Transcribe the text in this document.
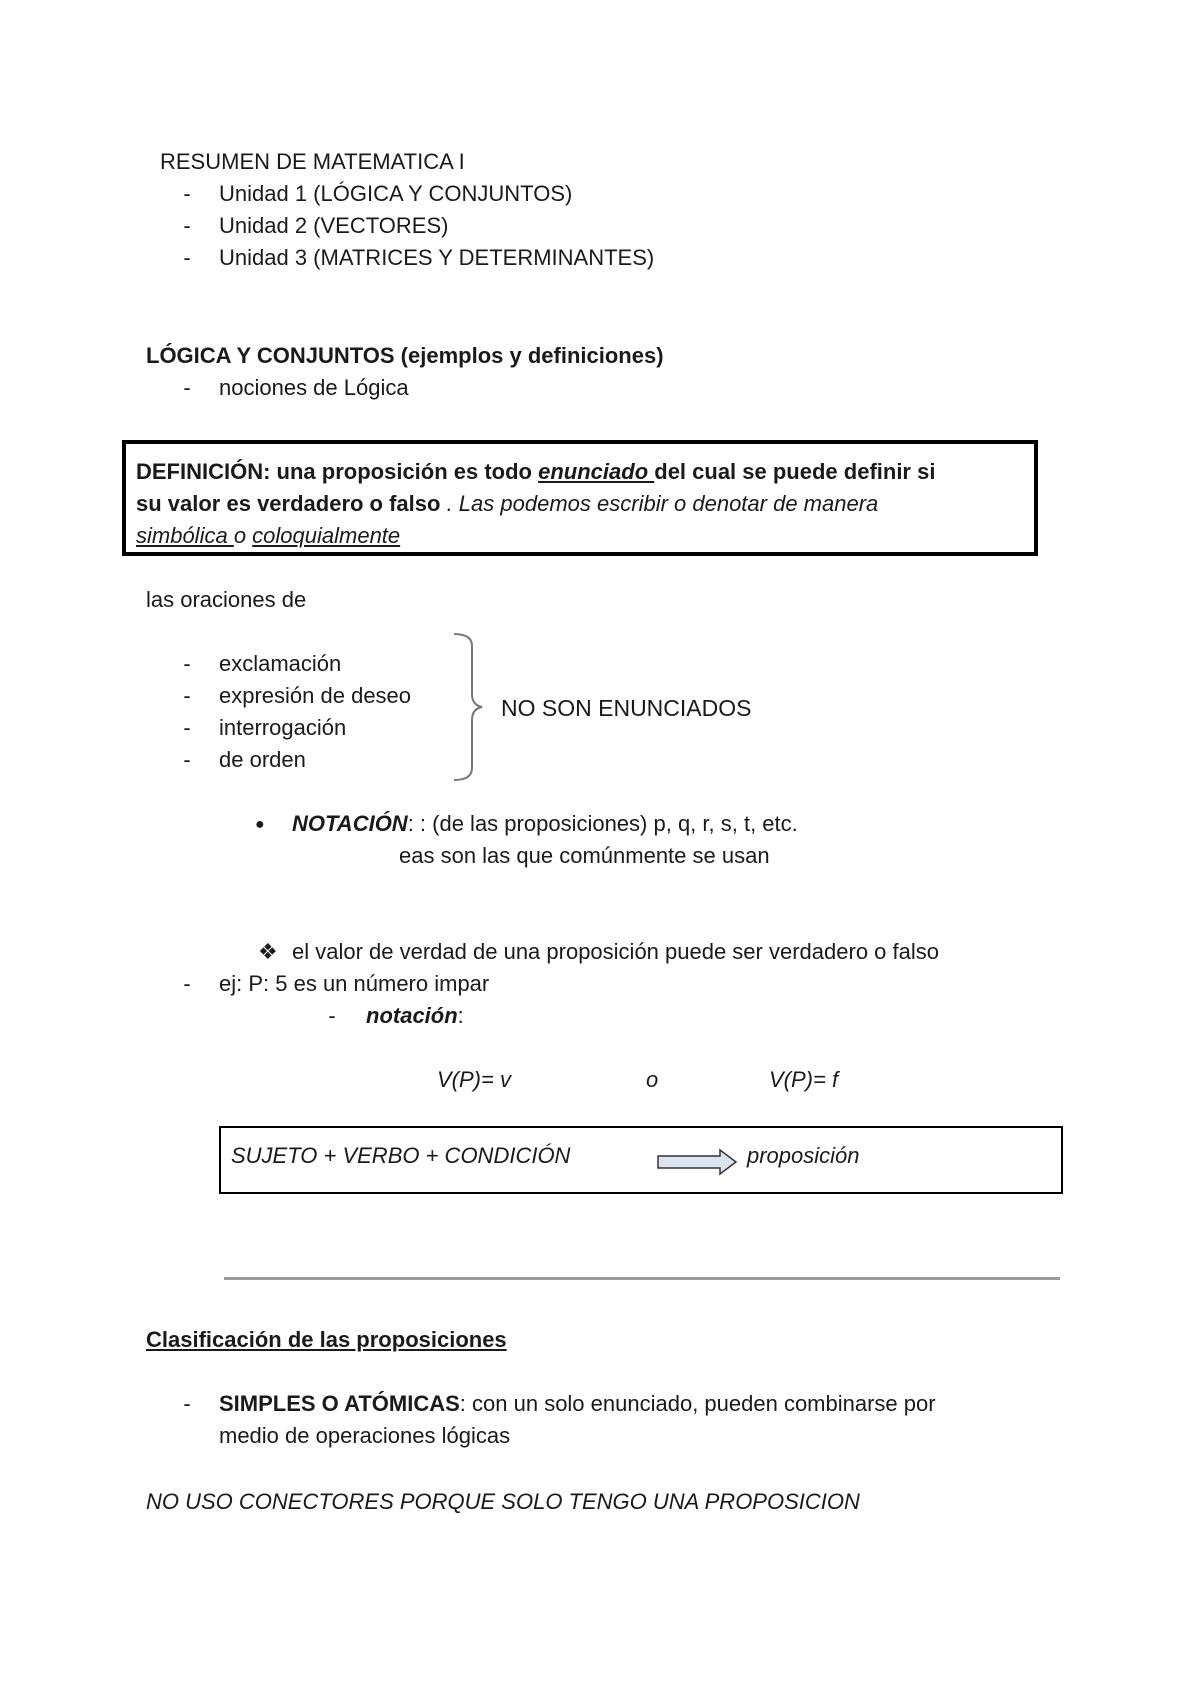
RESUMEN DE MATEMATICA I
- Unidad 1 (LÓGICA Y CONJUNTOS)
- Unidad 2 (VECTORES)
- Unidad 3 (MATRICES Y DETERMINANTES)
LÓGICA Y CONJUNTOS (ejemplos y definiciones)
- nociones de Lógica
DEFINICIÓN: una proposición es todo enunciado del cual se puede definir si
su valor es verdadero o falso . Las podemos escribir o denotar de manera
simbólica o coloquialmente
las oraciones de
- exclamación
- expresión de deseo
- interrogación
- de orden
NO SON ENUNCIADOS
● NOTACIÓN: : (de las proposiciones) p, q, r, s, t, etc.
eas son las que comúnmente se usan
❖ el valor de verdad de una proposición puede ser verdadero o falso
- ej: P: 5 es un número impar
- notación:
V(P)= v	o	V(P)= f
SUJETO + VERBO + CONDICIÓN	proposición
Clasificación de las proposiciones
- SIMPLES O ATÓMICAS: con un solo enunciado, pueden combinarse por
medio de operaciones lógicas
NO USO CONECTORES PORQUE SOLO TENGO UNA PROPOSICION
